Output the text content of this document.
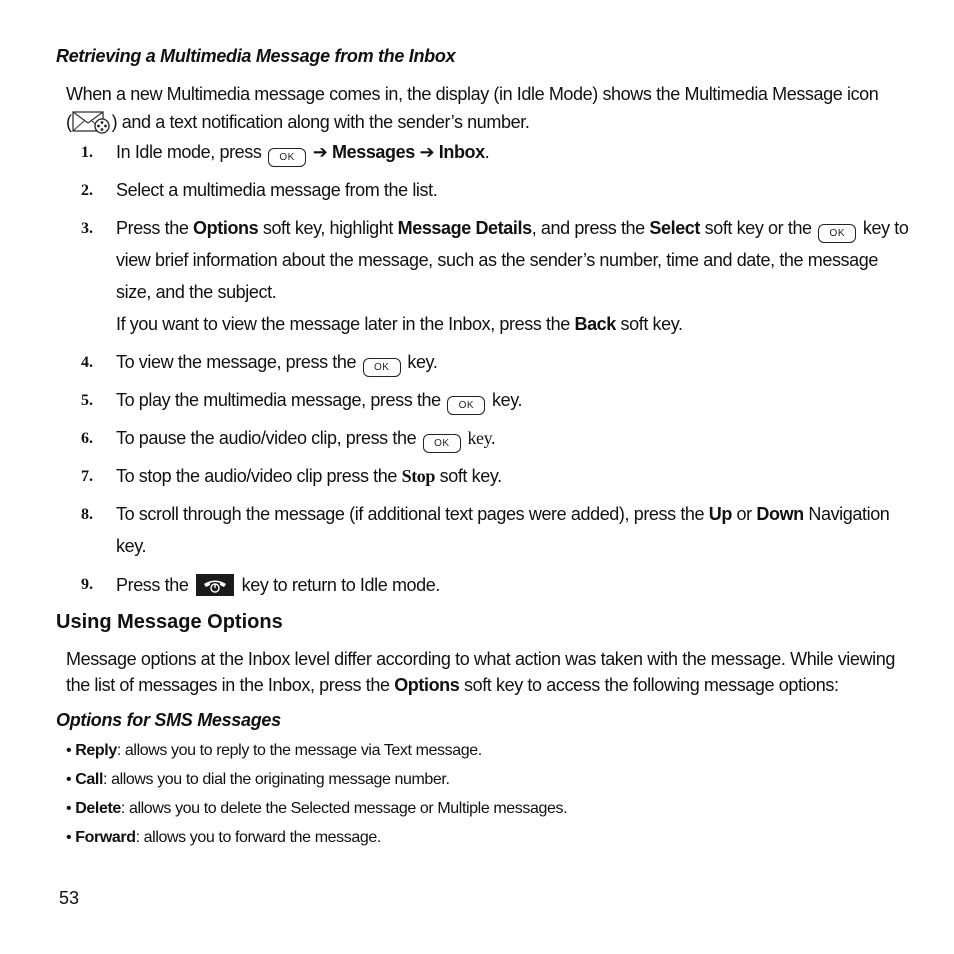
Retrieving a Multimedia Message from the Inbox
When a new Multimedia message comes in, the display (in Idle Mode) shows the Multimedia Message icon
( ) and a text notification along with the sender’s number.
1. In Idle mode, press OK ➔ Messages ➔ Inbox.
2. Select a multimedia message from the list.
3. Press the Options soft key, highlight Message Details, and press the Select soft key or the OK key to
view brief information about the message, such as the sender’s number, time and date, the message
size, and the subject.
If you want to view the message later in the Inbox, press the Back soft key.
4. To view the message, press the OK key.
5. To play the multimedia message, press the OK key.
6. To pause the audio/video clip, press the OK key.
7. To stop the audio/video clip press the Stop soft key.
8. To scroll through the message (if additional text pages were added), press the Up or Down Navigation
key.
9. Press the	key to return to Idle mode.
Using Message Options
Message options at the Inbox level differ according to what action was taken with the message. While viewing
the list of messages in the Inbox, press the Options soft key to access the following message options:
Options for SMS Messages
• Reply: allows you to reply to the message via Text message.
• Call: allows you to dial the originating message number.
• Delete: allows you to delete the Selected message or Multiple messages.
• Forward: allows you to forward the message.
53
